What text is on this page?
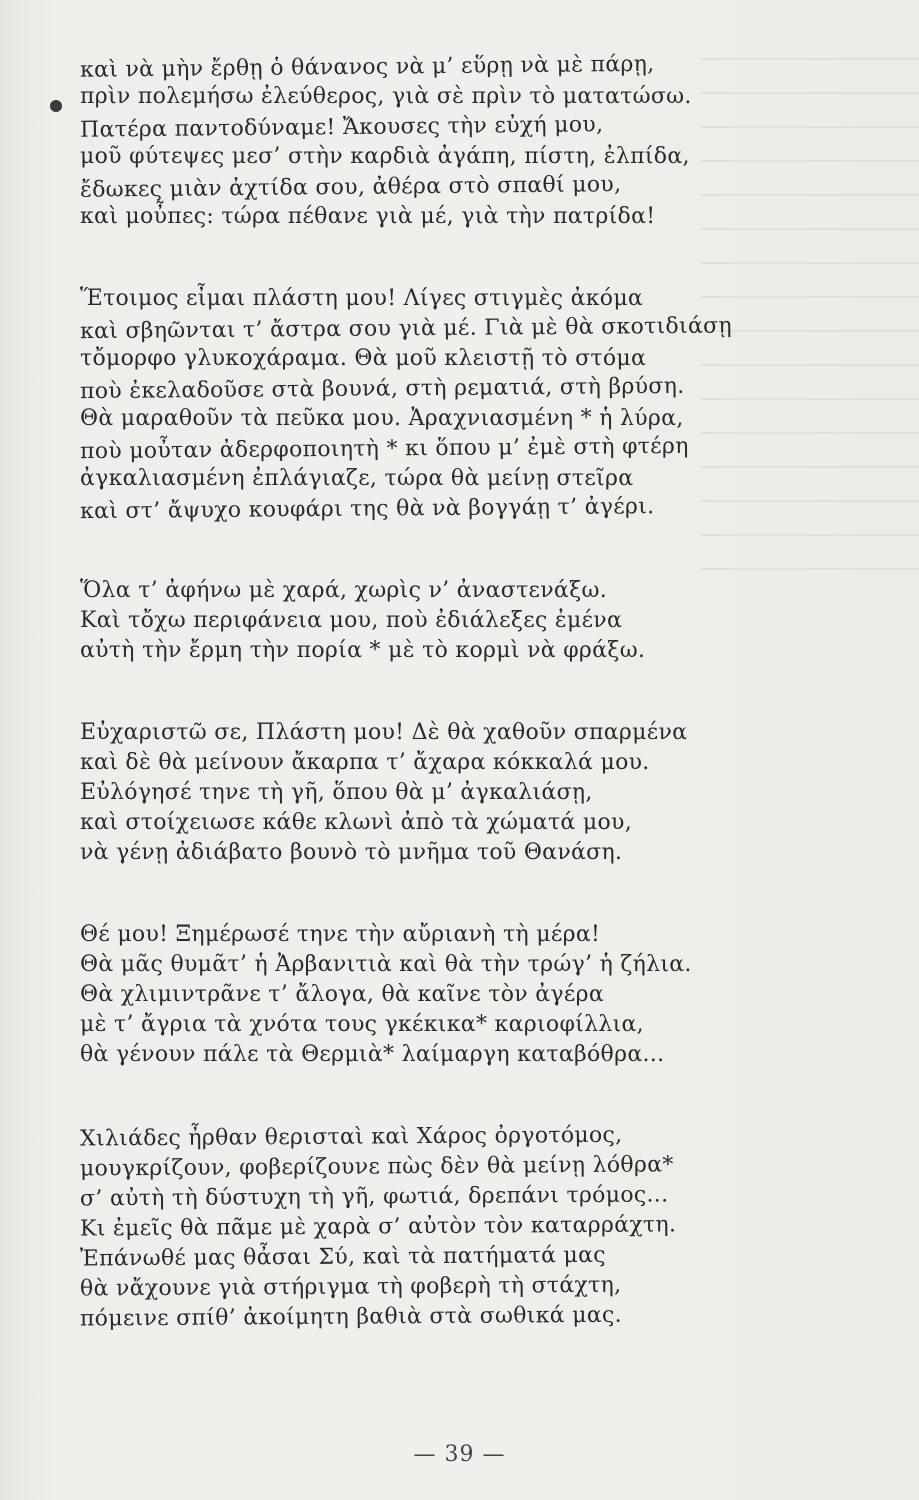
καὶ νὰ μὴν ἔρθῃ ὁ θάνανος νὰ μ’ εὕρῃ νὰ μὲ πάρῃ,
πρὶν πολεμήσω ἐλεύθερος, γιὰ σὲ πρὶν τὸ ματατώσω.
Πατέρα παντοδύναμε! Ἄκουσες τὴν εὐχή μου,
μοῦ φύτεψες μεσ’ στὴν καρδιὰ ἀγάπη, πίστη, ἐλπίδα,
ἔδωκες μιὰν ἀχτίδα σου, ἀθέρα στὸ σπαθί μου,
καὶ μοὖπες: τώρα πέθανε γιὰ μέ, γιὰ τὴν πατρίδα!
Ἕτοιμος εἶμαι πλάστη μου! Λίγες στιγμὲς ἀκόμα
καὶ σβηῶνται τ’ ἄστρα σου γιὰ μέ. Γιὰ μὲ θὰ σκοτιδιάσῃ
τὄμορφο γλυκοχάραμα. Θὰ μοῦ κλειστῇ τὸ στόμα
ποὺ ἐκελαδοῦσε στὰ βουνά, στὴ ρεματιά, στὴ βρύση.
Θὰ μαραθοῦν τὰ πεῦκα μου. Ἀραχνιασμένη * ἡ λύρα,
ποὺ μοὖταν ἀδερφοποιητὴ * κι ὅπου μ’ ἐμὲ στὴ φτέρη
ἀγκαλιασμένη ἐπλάγιαζε, τώρα θὰ μείνῃ στεῖρα
καὶ στ’ ἄψυχο κουφάρι της θὰ νὰ βογγάῃ τ’ ἀγέρι.
Ὅλα τ’ ἀφήνω μὲ χαρά, χωρὶς ν’ ἀναστενάξω.
Καὶ τὄχω περιφάνεια μου, ποὺ ἐδιάλεξες ἐμένα
αὐτὴ τὴν ἔρμη τὴν πορία * μὲ τὸ κορμὶ νὰ φράξω.
Εὐχαριστῶ σε, Πλάστη μου! Δὲ θὰ χαθοῦν σπαρμένα
καὶ δὲ θὰ μείνουν ἄκαρπα τ’ ἄχαρα κόκκαλά μου.
Εὐλόγησέ τηνε τὴ γῆ, ὅπου θὰ μ’ ἀγκαλιάσῃ,
καὶ στοίχειωσε κάθε κλωνὶ ἀπὸ τὰ χώματά μου,
νὰ γένῃ ἀδιάβατο βουνὸ τὸ μνῆμα τοῦ Θανάση.
Θέ μου! Ξημέρωσέ τηνε τὴν αὔριανὴ τὴ μέρα!
Θὰ μᾶς θυμᾶτ’ ἡ Ἀρβανιτιὰ καὶ θὰ τὴν τρώγ’ ἡ ζήλια.
Θὰ χλιμιντρᾶνε τ’ ἄλογα, θὰ καῖνε τὸν ἀγέρα
μὲ τ’ ἄγρια τὰ χνότα τους γκέκικα* καριοφίλλια,
θὰ γένουν πάλε τὰ Θερμιὰ* λαίμαργη καταβόθρα...
Χιλιάδες ἦρθαν θερισταὶ καὶ Χάρος ὀργοτόμος,
μουγκρίζουν, φοβερίζουνε πὼς δὲν θὰ μείνῃ λόθρα*
σ’ αὐτὴ τὴ δύστυχη τὴ γῆ, φωτιά, δρεπάνι τρόμος...
Κι ἐμεῖς θὰ πᾶμε μὲ χαρὰ σ’ αὐτὸν τὸν καταρράχτη.
Ἐπάνωθέ μας θἆσαι Σύ, καὶ τὰ πατήματά μας
θὰ νἄχουνε γιὰ στήριγμα τὴ φοβερὴ τὴ στάχτη,
πόμεινε σπίθ’ ἀκοίμητη βαθιὰ στὰ σωθικά μας.
— 39 —
